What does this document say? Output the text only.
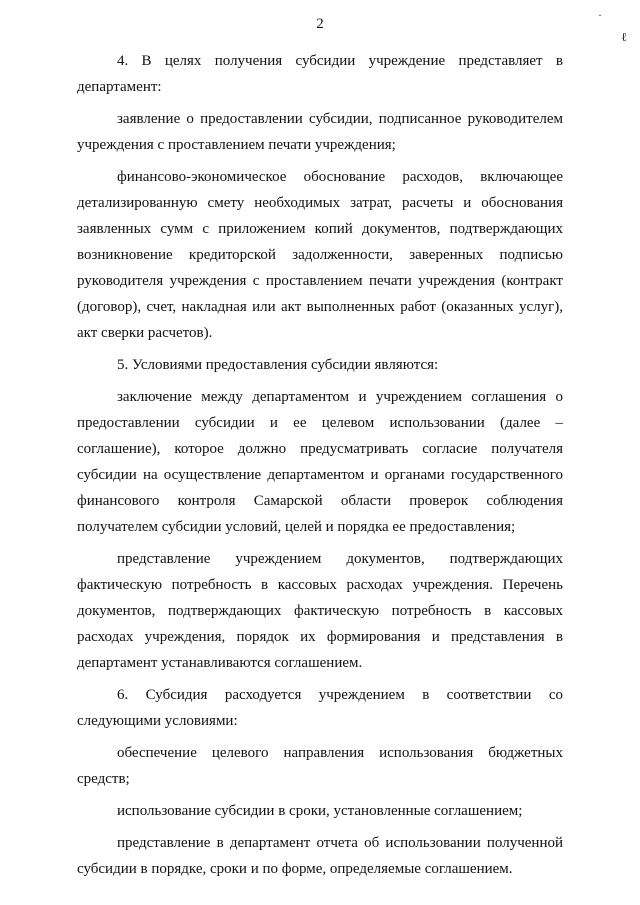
2
·
ℓ

4. В целях получения субсидии учреждение представляет в департамент:

заявление о предоставлении субсидии, подписанное руководителем учреждения с проставлением печати учреждения;

финансово-экономическое обоснование расходов, включающее детализированную смету необходимых затрат, расчеты и обоснования заявленных сумм с приложением копий документов, подтверждающих возникновение кредиторской задолженности, заверенных подписью руководителя учреждения с проставлением печати учреждения (контракт (договор), счет, накладная или акт выполненных работ (оказанных услуг), акт сверки расчетов).

5. Условиями предоставления субсидии являются:

заключение между департаментом и учреждением соглашения о предоставлении субсидии и ее целевом использовании (далее – соглашение), которое должно предусматривать согласие получателя субсидии на осуществление департаментом и органами государственного финансового контроля Самарской области проверок соблюдения получателем субсидии условий, целей и порядка ее предоставления;

представление учреждением документов, подтверждающих фактическую потребность в кассовых расходах учреждения. Перечень документов, подтверждающих фактическую потребность в кассовых расходах учреждения, порядок их формирования и представления в департамент устанавливаются соглашением.

6. Субсидия расходуется учреждением в соответствии со следующими условиями:

обеспечение целевого направления использования бюджетных средств;

использование субсидии в сроки, установленные соглашением;

представление в департамент отчета об использовании полученной субсидии в порядке, сроки и по форме, определяемые соглашением.
